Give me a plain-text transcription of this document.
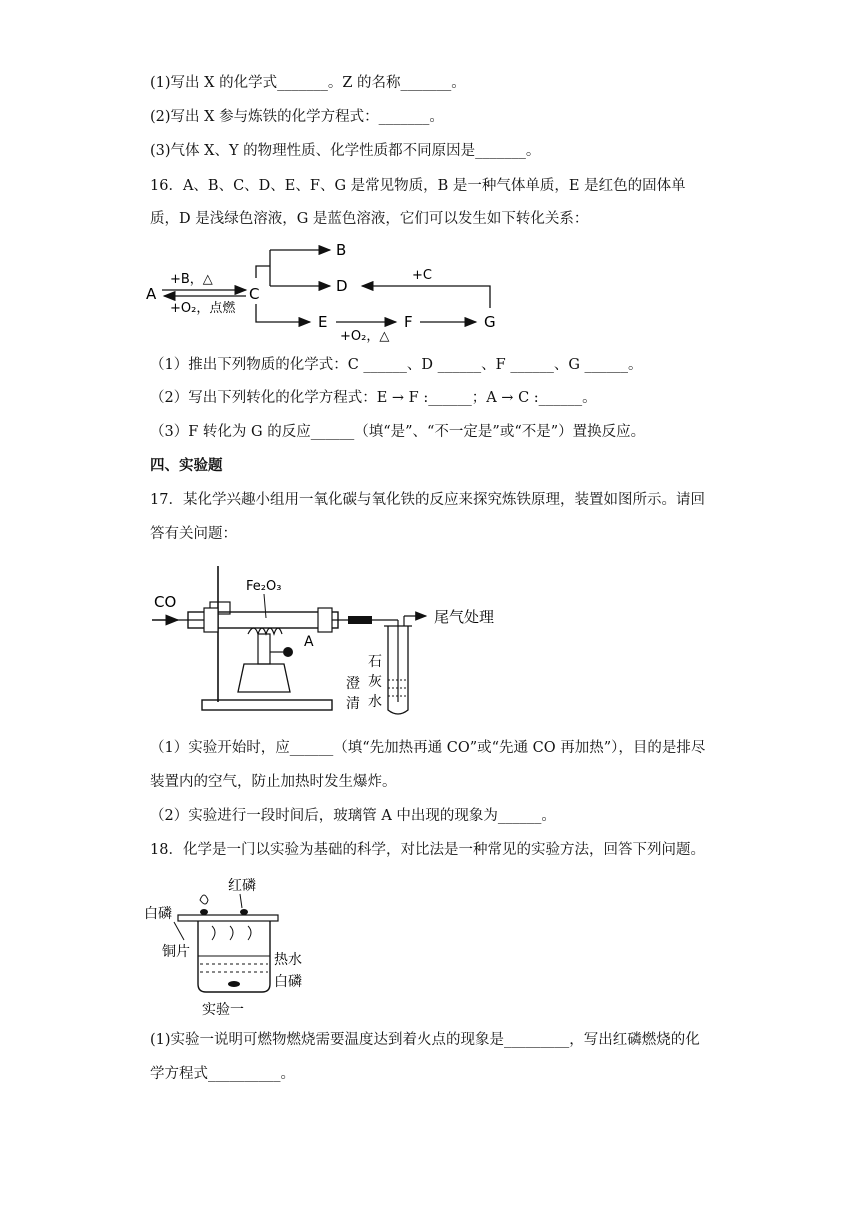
(1)写出 X 的化学式_______。Z 的名称_______。
(2)写出 X 参与炼铁的化学方程式：_______。
(3)气体 X、Y 的物理性质、化学性质都不同原因是_______。
16．A、B、C、D、E、F、G 是常见物质，B 是一种气体单质，E 是红色的固体单
质，D 是浅绿色溶液，G 是蓝色溶液，它们可以发生如下转化关系：
A
+B，△
+O₂，点燃
C
B
D
E
+O₂，△
F	G
+C
（1）推出下列物质的化学式：C ______、D ______、F ______、G ______。
（2）写出下列转化的化学方程式：E → F :______；A → C :______。
（3）F 转化为 G 的反应______（填“是”、“不一定是”或“不是”）置换反应。
四、实验题
17．某化学兴趣小组用一氧化碳与氧化铁的反应来探究炼铁原理，装置如图所示。请回
答有关问题：
CO
Fe₂O₃
A
尾气处理
澄
清
石
灰
水
（1）实验开始时，应______（填“先加热再通 CO”或“先通 CO 再加热”），目的是排尽
装置内的空气，防止加热时发生爆炸。
（2）实验进行一段时间后，玻璃管 A 中出现的现象为______。
18．化学是一门以实验为基础的科学，对比法是一种常见的实验方法，回答下列问题。
红磷
白磷
铜片	热水
白磷
实验一
(1)实验一说明可燃物燃烧需要温度达到着火点的现象是_________，写出红磷燃烧的化
学方程式__________。
